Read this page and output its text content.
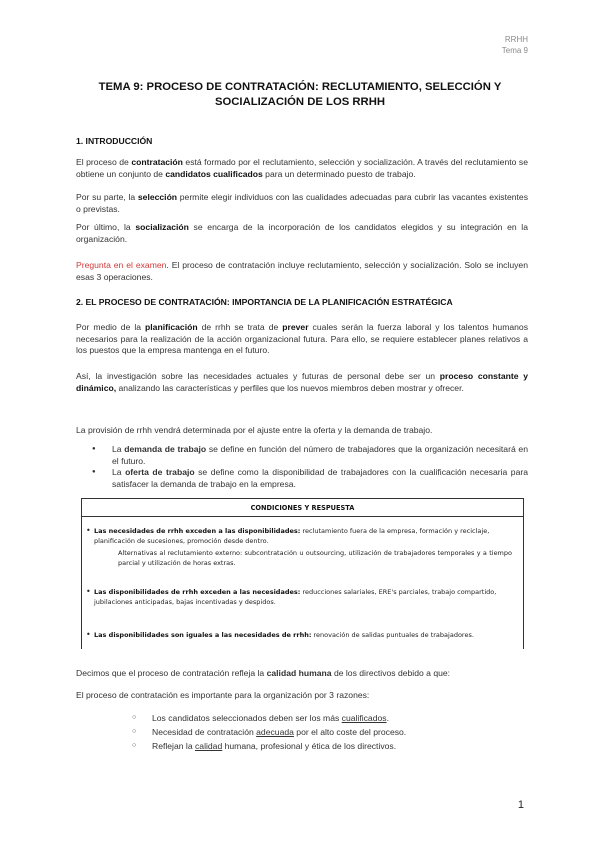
RRHH
Tema 9
TEMA 9: PROCESO DE CONTRATACIÓN: RECLUTAMIENTO, SELECCIÓN Y
SOCIALIZACIÓN DE LOS RRHH
1. INTRODUCCIÓN
El proceso de contratación está formado por el reclutamiento, selección y socialización. A través del reclutamiento se obtiene un conjunto de candidatos cualificados para un determinado puesto de trabajo.
Por su parte, la selección permite elegir individuos con las cualidades adecuadas para cubrir las vacantes existentes o previstas.
Por último, la socialización se encarga de la incorporación de los candidatos elegidos y su integración en la organización.
Pregunta en el examen. El proceso de contratación incluye reclutamiento, selección y socialización. Solo se incluyen esas 3 operaciones.
2. EL PROCESO DE CONTRATACIÓN: IMPORTANCIA DE LA PLANIFICACIÓN ESTRATÉGICA
Por medio de la planificación de rrhh se trata de prever cuales serán la fuerza laboral y los talentos humanos necesarios para la realización de la acción organizacional futura. Para ello, se requiere establecer planes relativos a los puestos que la empresa mantenga en el futuro.
Así, la investigación sobre las necesidades actuales y futuras de personal debe ser un proceso constante y dinámico, analizando las características y perfiles que los nuevos miembros deben mostrar y ofrecer.
La provisión de rrhh vendrá determinada por el ajuste entre la oferta y la demanda de trabajo.
● La demanda de trabajo se define en función del número de trabajadores que la organización necesitará en el futuro.
● La oferta de trabajo se define como la disponibilidad de trabajadores con la cualificación necesaria para satisfacer la demanda de trabajo en la empresa.
CONDICIONES Y RESPUESTA
• Las necesidades de rrhh exceden a las disponibilidades: reclutamiento fuera de la empresa, formación y reciclaje, planificación de sucesiones, promoción desde dentro.
Alternativas al reclutamiento externo: subcontratación u outsourcing, utilización de trabajadores temporales y a tiempo parcial y utilización de horas extras.
• Las disponibilidades de rrhh exceden a las necesidades: reducciones salariales, ERE's parciales, trabajo compartido, jubilaciones anticipadas, bajas incentivadas y despidos.
• Las disponibilidades son iguales a las necesidades de rrhh: renovación de salidas puntuales de trabajadores.
Decimos que el proceso de contratación refleja la calidad humana de los directivos debido a que:
El proceso de contratación es importante para la organización por 3 razones:
○ Los candidatos seleccionados deben ser los más cualificados.
○ Necesidad de contratación adecuada por el alto coste del proceso.
○ Reflejan la calidad humana, profesional y ética de los directivos.
1
